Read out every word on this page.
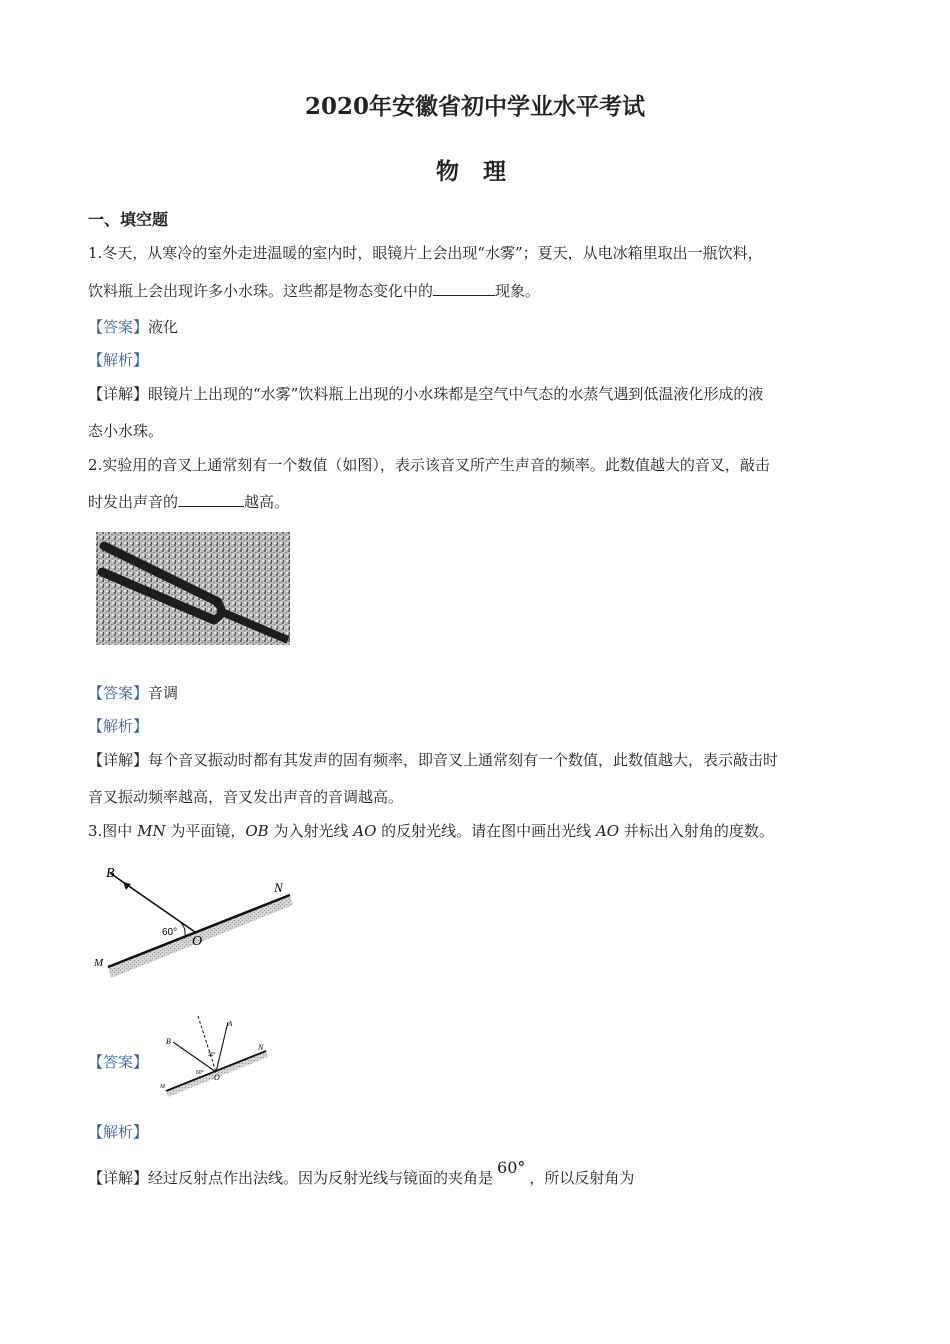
2020年安徽省初中学业水平考试
物 理
一、填空题
1.冬天，从寒冷的室外走进温暖的室内时，眼镜片上会出现“水雾”；夏天，从电冰箱里取出一瓶饮料，
饮料瓶上会出现许多小水珠。这些都是物态变化中的	现象。
【答案】液化
【解析】
【详解】眼镜片上出现的“水雾”饮料瓶上出现的小水珠都是空气中气态的水蒸气遇到低温液化形成的液
态小水珠。
2.实验用的音叉上通常刻有一个数值（如图），表示该音叉所产生声音的频率。此数值越大的音叉，敲击
时发出声音的	越高。
【答案】音调
【解析】
【详解】每个音叉振动时都有其发声的固有频率，即音叉上通常刻有一个数值，此数值越大，表示敲击时
音叉振动频率越高，音叉发出声音的音调越高。
3.图中 MN 为平面镜，OB 为入射光线 AO 的反射光线。请在图中画出光线 AO 并标出入射角的度数。
B
N
M
O
60°
【答案】
B
A
N
M
O
60°
30°
【解析】
【详解】经过反射点作出法线。因为反射光线与镜面的夹角是60°，所以反射角为
